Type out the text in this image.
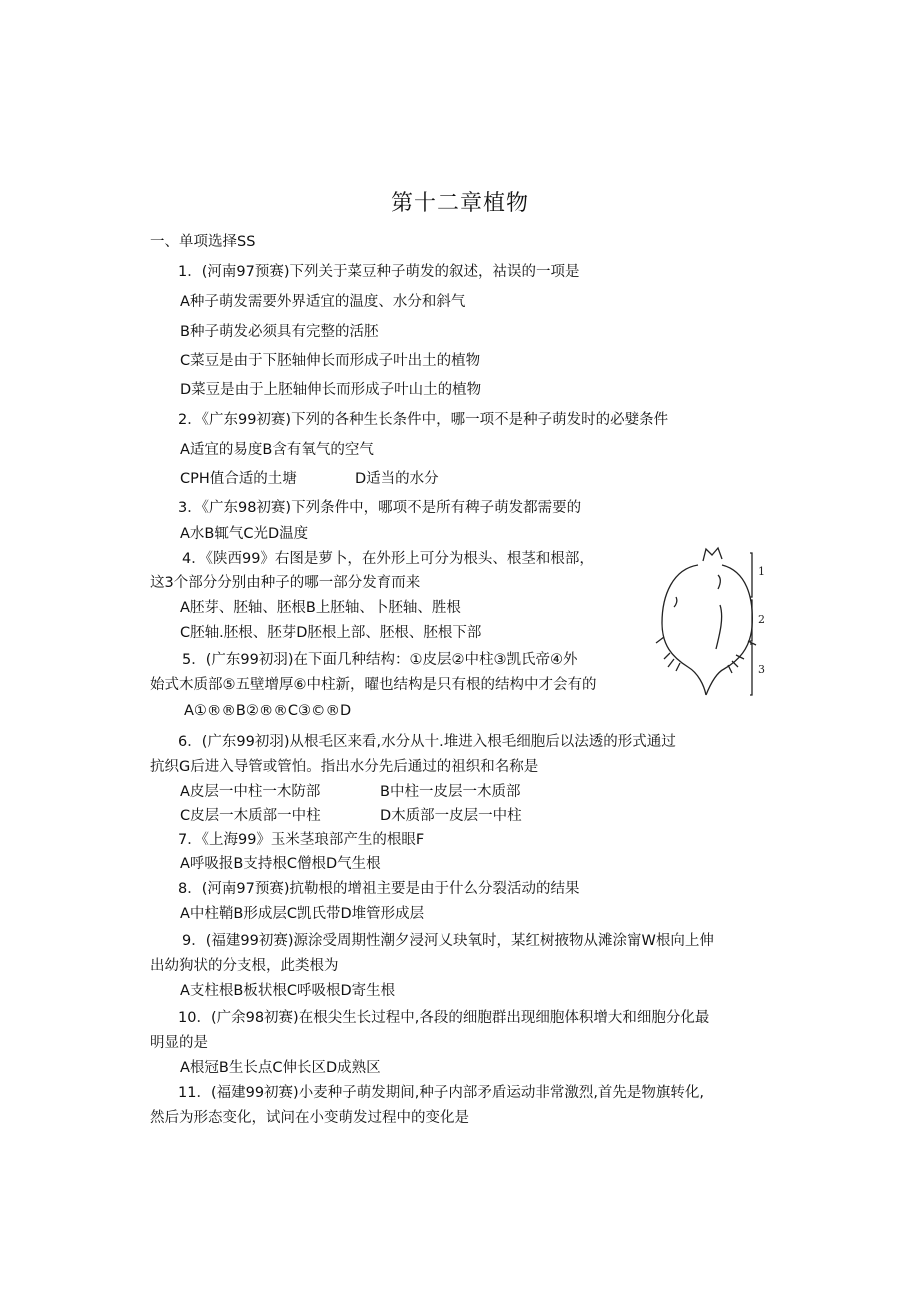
第十二章植物
一、单项选择SS
1．(河南97预赛)下列关于菜豆种子萌发的叙述，祜误的一项是
A种子萌发需要外界适宜的温度、水分和斜气
B种子萌发必须具有完整的活胚
C菜豆是由于下胚轴伸长而形成子叶出土的植物
D菜豆是由于上胚轴伸长而形成子叶山土的植物
2．《广东99初赛)下列的各种生长条件中，哪一项不是种子萌发时的必嬖条件
A适宜的易度B含有氧气的空气
CPH值合适的土塘	D适当的水分
3．《广东98初赛)下列条件中，哪项不是所有稗子萌发都需要的
A水B辄气C光D温度
4．《陕西99》右图是萝卜，在外形上可分为根头、根茎和根部，
这3个部分分别由种子的哪一部分发育而来
A胚芽、胚轴、胚根B上胚轴、卜胚轴、胜根
C胚轴.胚根、胚芽D胚根上部、胚根、胚根下部
5．(广东99初羽)在下面几种结构：①皮层②中柱③凯氏帝④外
始式木质部⑤五壁增厚⑥中柱新，曜也结构是只有根的结构中才会有的
A①®®B②®®C③©®D
6．(广东99初羽)从根毛区来看,水分从十.堆进入根毛细胞后以法透的形式通过
抗织G后进入导管或管怕。指出水分先后通过的祖织和名称是
A皮层一中柱一木防部	B中柱一皮层一木质部
C皮层一木质部一中柱	D木质部一皮层一中柱
7．《上海99》玉米茎琅部产生的根眼F
A呼吸报B支持根C僧根D气生根
8．(河南97预赛)抗勒根的增祖主要是由于什么分裂活动的结果
A中柱鞘B形成层C凯氏带D堆管形成层
9．(福建99初赛)源涂受周期性潮夕浸河乂玦氧时，某红树掖物从滩涂甯W根向上伸
出幼狗状的分支根，此类根为
A支柱根B板状根C呼吸根D寄生根
10．(广余98初赛)在根尖生长过程中,各段的细胞群出现细胞体积增大和细胞分化最
明显的是
A根冠B生长点C伸长区D成熟区
11．(福建99初赛)小麦种子萌发期间,种子内部矛盾运动非常激烈,首先是物旗转化,
然后为形态变化，试问在小变萌发过程中的变化是
1
2
3
